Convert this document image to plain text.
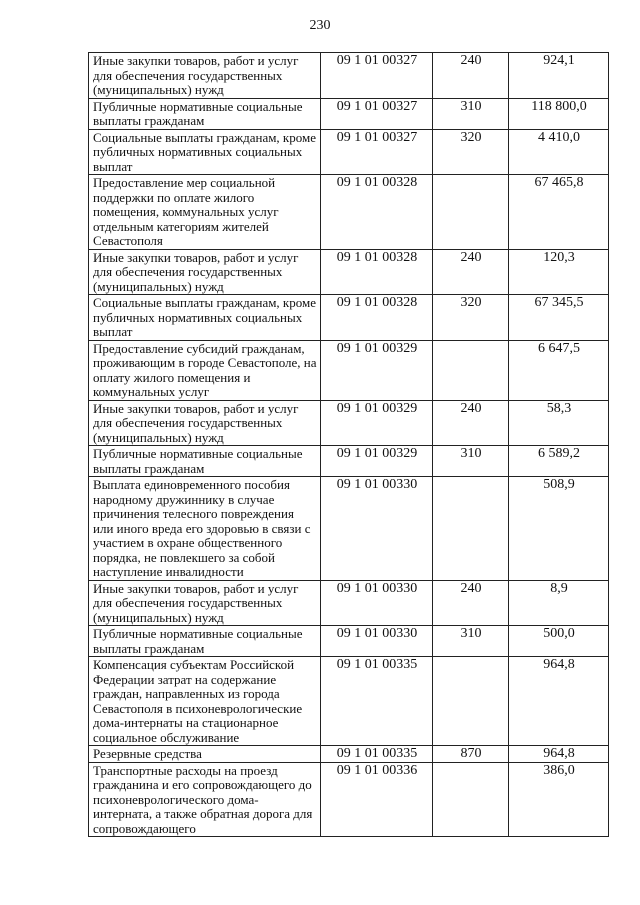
230
Иные закупки товаров, работ и услуг для обеспечения государственных (муниципальных) нужд	09 1 01 00327	240	924,1
Публичные нормативные социальные выплаты гражданам	09 1 01 00327	310	118 800,0
Социальные выплаты гражданам, кроме публичных нормативных социальных выплат	09 1 01 00327	320	4 410,0
Предоставление мер социальной поддержки по оплате жилого помещения, коммунальных услуг отдельным категориям жителей Севастополя	09 1 01 00328		67 465,8
Иные закупки товаров, работ и услуг для обеспечения государственных (муниципальных) нужд	09 1 01 00328	240	120,3
Социальные выплаты гражданам, кроме публичных нормативных социальных выплат	09 1 01 00328	320	67 345,5
Предоставление субсидий гражданам, проживающим в городе Севастополе, на оплату жилого помещения и коммунальных услуг	09 1 01 00329		6 647,5
Иные закупки товаров, работ и услуг для обеспечения государственных (муниципальных) нужд	09 1 01 00329	240	58,3
Публичные нормативные социальные выплаты гражданам	09 1 01 00329	310	6 589,2
Выплата единовременного пособия народному дружиннику в случае причинения телесного повреждения или иного вреда его здоровью в связи с участием в охране общественного порядка, не повлекшего за собой наступление инвалидности	09 1 01 00330		508,9
Иные закупки товаров, работ и услуг для обеспечения государственных (муниципальных) нужд	09 1 01 00330	240	8,9
Публичные нормативные социальные выплаты гражданам	09 1 01 00330	310	500,0
Компенсация субъектам Российской Федерации затрат на содержание граждан, направленных из города Севастополя в психоневрологические дома-интернаты на стационарное социальное обслуживание	09 1 01 00335		964,8
Резервные средства	09 1 01 00335	870	964,8
Транспортные расходы на проезд гражданина и его сопровождающего до психоневрологического дома-интерната, а также обратная дорога для сопровождающего	09 1 01 00336		386,0
